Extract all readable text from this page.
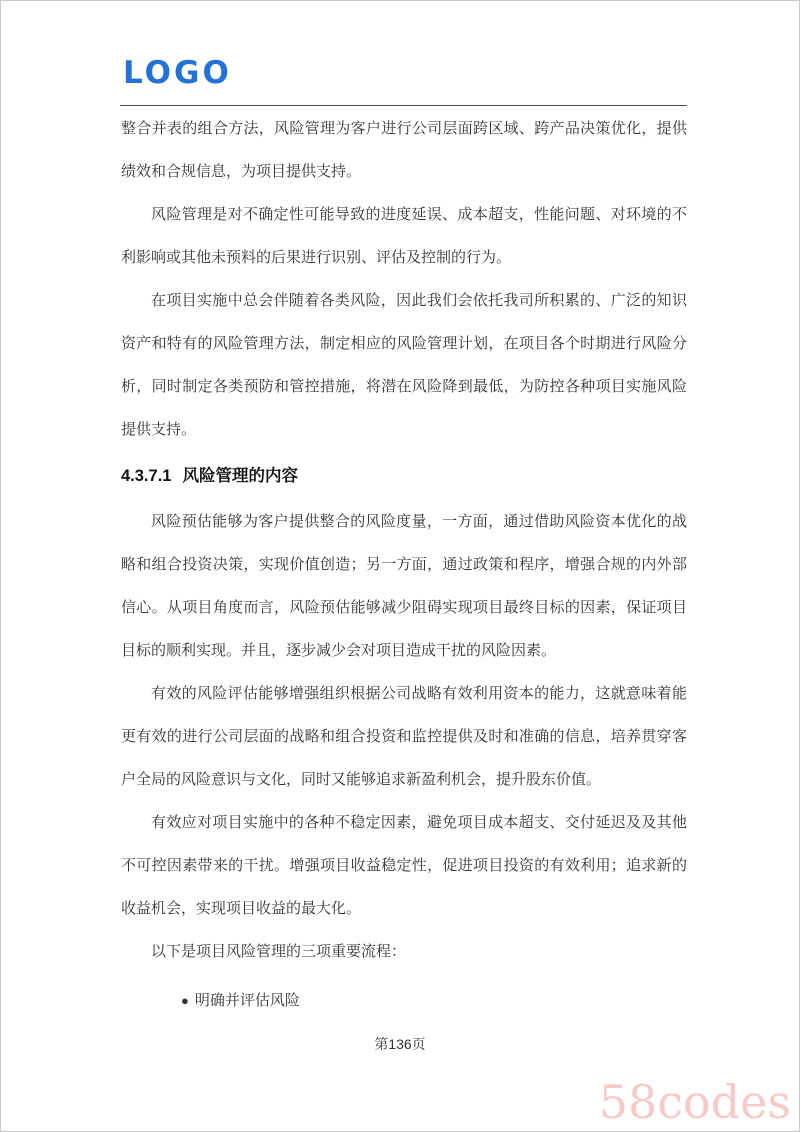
LOGO

整合并表的组合方法，风险管理为客户进行公司层面跨区域、跨产品决策优化，提供绩效和合规信息，为项目提供支持。

风险管理是对不确定性可能导致的进度延误、成本超支，性能问题、对环境的不利影响或其他未预料的后果进行识别、评估及控制的行为。

在项目实施中总会伴随着各类风险，因此我们会依托我司所积累的、广泛的知识资产和特有的风险管理方法，制定相应的风险管理计划，在项目各个时期进行风险分析，同时制定各类预防和管控措施，将潜在风险降到最低，为防控各种项目实施风险提供支持。

4.3.7.1 风险管理的内容

风险预估能够为客户提供整合的风险度量，一方面，通过借助风险资本优化的战略和组合投资决策，实现价值创造；另一方面，通过政策和程序，增强合规的内外部信心。从项目角度而言，风险预估能够减少阻碍实现项目最终目标的因素，保证项目目标的顺利实现。并且，逐步减少会对项目造成干扰的风险因素。

有效的风险评估能够增强组织根据公司战略有效利用资本的能力，这就意味着能更有效的进行公司层面的战略和组合投资和监控提供及时和准确的信息，培养贯穿客户全局的风险意识与文化，同时又能够追求新盈利机会，提升股东价值。

有效应对项目实施中的各种不稳定因素，避免项目成本超支、交付延迟及及其他不可控因素带来的干扰。增强项目收益稳定性，促进项目投资的有效利用；追求新的收益机会，实现项目收益的最大化。

以下是项目风险管理的三项重要流程：

● 明确并评估风险
第136页
58codes
